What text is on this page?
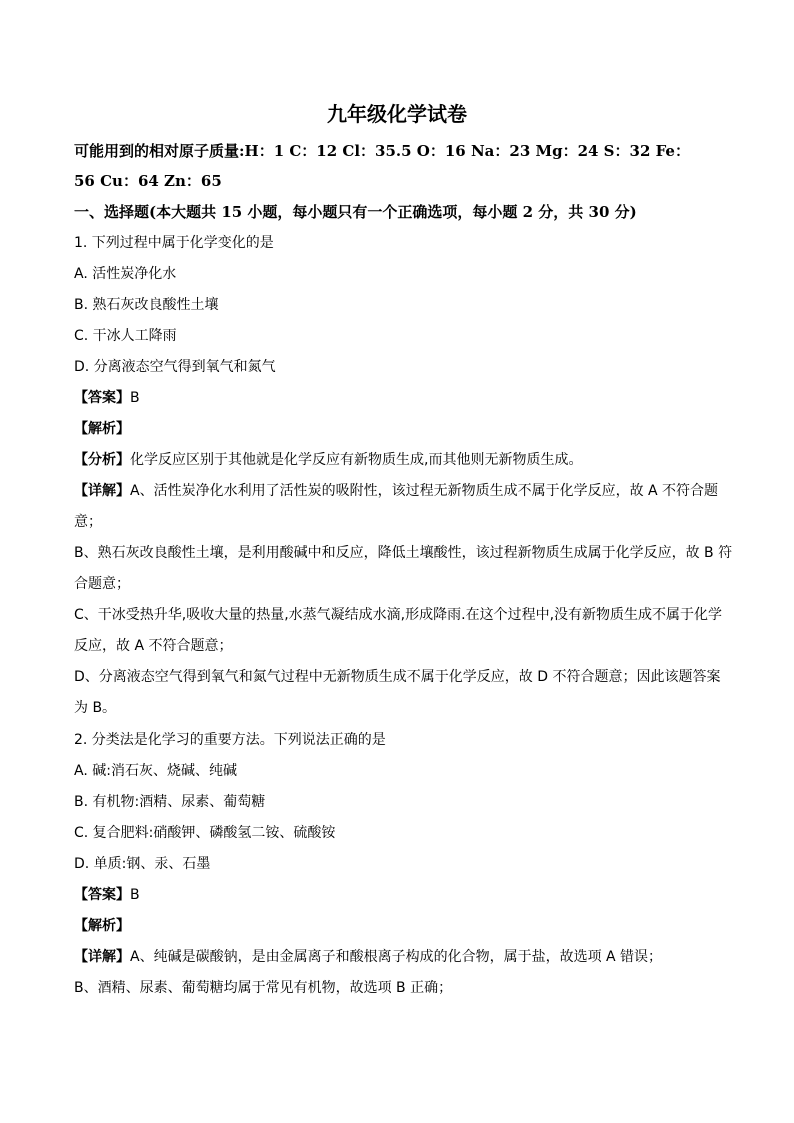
九年级化学试卷
可能用到的相对原子质量:H：1 C：12 Cl：35.5 O：16 Na：23 Mg：24 S：32 Fe：
56 Cu：64 Zn：65
一、选择题(本大题共 15 小题，每小题只有一个正确选项，每小题 2 分，共 30 分)
1. 下列过程中属于化学变化的是
A. 活性炭净化水
B. 熟石灰改良酸性土壤
C. 干冰人工降雨
D. 分离液态空气得到氧气和氮气
【答案】B
【解析】
【分析】化学反应区别于其他就是化学反应有新物质生成,而其他则无新物质生成。
【详解】A、活性炭净化水利用了活性炭的吸附性，该过程无新物质生成不属于化学反应，故 A 不符合题
意；
B、熟石灰改良酸性土壤，是利用酸碱中和反应，降低土壤酸性，该过程新物质生成属于化学反应，故 B 符
合题意；
C、干冰受热升华,吸收大量的热量,水蒸气凝结成水滴,形成降雨.在这个过程中,没有新物质生成不属于化学
反应，故 A 不符合题意；
D、分离液态空气得到氧气和氮气过程中无新物质生成不属于化学反应，故 D 不符合题意；因此该题答案
为 B。
2. 分类法是化学习的重要方法。下列说法正确的是
A. 碱:消石灰、烧碱、纯碱
B. 有机物:酒精、尿素、葡萄糖
C. 复合肥料:硝酸钾、磷酸氢二铵、硫酸铵
D. 单质:钢、汞、石墨
【答案】B
【解析】
【详解】A、纯碱是碳酸钠，是由金属离子和酸根离子构成的化合物，属于盐，故选项 A 错误；
B、酒精、尿素、葡萄糖均属于常见有机物，故选项 B 正确；
